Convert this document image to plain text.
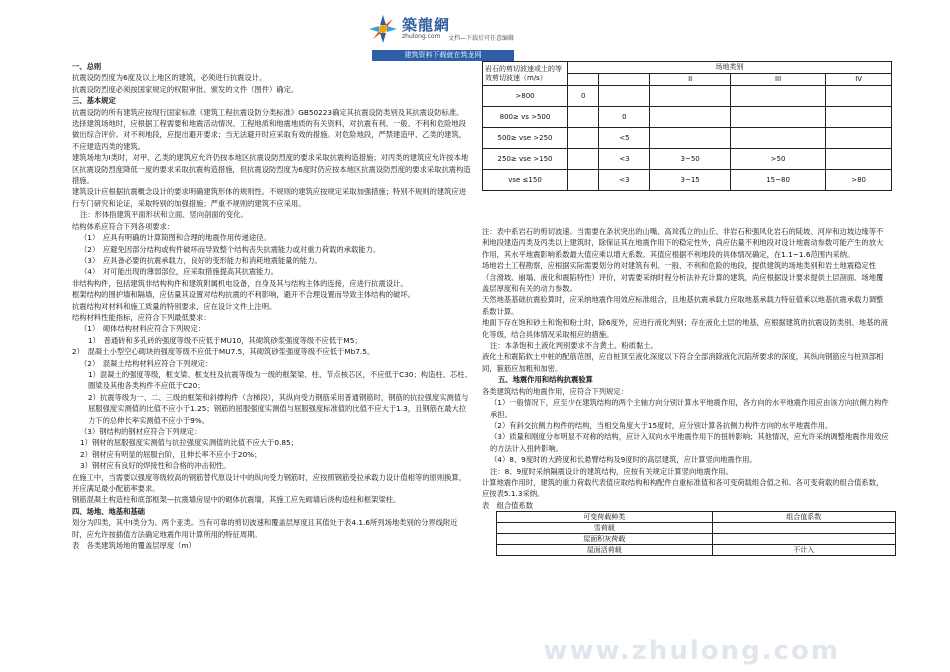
築龍網
zhulong.com 文档—下载后可任意编辑
建筑资料下载就在筑龙网

一、总则

抗震设防烈度为6度及以上地区的建筑，必须进行抗震设计。

抗震设防烈度必须按国家规定的权限审批、颁发的文件（图件）确定。

三、基本规定

抗震设防的所有建筑应按现行国家标准《建筑工程抗震设防分类标准》GB50223确定其抗震设防类别及其抗震设防标准。

选择建筑场地时，应根据工程需要和地震活动情况、工程地质和地震地质的有关资料，对抗震有利、一般、不利和危险地段做出综合评价。对不利地段，应提出避开要求；当无法避开时应采取有效的措施。对危险地段，严禁建造甲、乙类的建筑，不应建造丙类的建筑。

建筑场地为Ⅰ类时，对甲、乙类的建筑应允许仍按本地区抗震设防烈度的要求采取抗震构造措施；对丙类的建筑应允许按本地区抗震设防烈度降低一度的要求采取抗震构造措施，但抗震设防烈度为6度时仍应按本地区抗震设防烈度的要求采取抗震构造措施。

建筑设计应根据抗震概念设计的要求明确建筑形体的规则性。不规则的建筑应按规定采取加强措施；特别不规则的建筑应进行专门研究和论证，采取特别的加强措施；严重不规则的建筑不应采用。

注：形体指建筑平面形状和立面、竖向剖面的变化。

结构体系应符合下列各项要求：

（1）　应具有明确的计算简图和合理的地震作用传递途径。

（2）　应避免因部分结构或构件破坏而导致整个结构丧失抗震能力或对重力荷载的承载能力。

（3）　应具备必要的抗震承载力，良好的变形能力和消耗地震能量的能力。

（4）　对可能出现的薄弱部位，应采取措施提高其抗震能力。

非结构构件，包括建筑非结构构件和建筑附属机电设备，自身及其与结构主体的连接，应进行抗震设计。

框架结构的围护墙和隔墙，应估量其设置对结构抗震的不利影响，避开不合理设置而导致主体结构的破坏。

抗震结构对材料和施工质量的特别要求，应在设计文件上注明。

结构材料性能指标，应符合下列最低要求：

（1）　砌体结构材料应符合下列规定：

1）　普通砖和多孔砖的强度等级不应低于MU10，其砌筑砂浆强度等级不应低于M5；

2）　混凝土小型空心砌块的强度等级不应低于MU7.5，其砌筑砂浆强度等级不应低于Mb7.5。

（2）　混凝土结构材料应符合下列规定：

1）混凝土的强度等级，框支梁、框支柱及抗震等级为一级的框架梁、柱、节点核芯区，不应低于C30；构造柱、芯柱、圈梁及其他各类构件不应低于C20；

2）抗震等级为一、二、三级的框架和斜撑构件（含梯段），其纵向受力钢筋采用普通钢筋时，钢筋的抗拉强度实测值与屈服强度实测值的比值不应小于1.25；钢筋的屈服强度实测值与屈服强度标准值的比值不应大于1.3，且钢筋在最大拉力下的总伸长率实测值不应小于9%。

（3）钢结构的钢材应符合下列规定：

1）钢材的屈服强度实测值与抗拉强度实测值的比值不应大于0.85；

2）钢材应有明显的屈服台阶，且伸长率不应小于20%；

3）钢材应有良好的焊接性和合格的冲击韧性。

在施工中，当需要以强度等级较高的钢筋替代原设计中的纵向受力钢筋时，应按照钢筋受拉承载力设计值相等的原则换算，并应满足最小配筋率要求。

钢筋混凝土构造柱和底部框架—抗震墙房屋中的砌体抗震墙，其施工应先砌墙后浇构造柱和框架梁柱。

四、场地、地基和基础

划分为四类，其中Ⅰ类分为、两个亚类。当有可靠的剪切波速和覆盖层厚度且其值处于表4.1.6所列场地类别的分界线附近时，应允许按插值方法确定地震作用计算所用的特征周期。

表　各类建筑场地的覆盖层厚度（m）

岩石的剪切波速或土的等效剪切波速（m/s）	场地类别				
			II	III	IV
>800	0				
800≥ vs >500		0			
500≥ vse >250		<5			
250≥ vse >150		<3	3~50	>50	
vse ≤150		<3	3~15	15~80	>80

注：表中系岩石的剪切波速。当需要在条状突出的山嘴、高耸孤立的山丘、非岩石和强风化岩石的陡坡、河岸和边坡边缘等不利地段建造丙类及丙类以上建筑时，除保证其在地震作用下的稳定性外，尚应估量不利地段对设计地震动参数可能产生的放大作用，其水平地震影响系数最大值应乘以增大系数。其值应根据不利地段的具体情况确定，在1.1~1.6范围内采纳。

场地岩土工程勘察，应根据实际需要划分的对建筑有利、一般、不利和危险的地段，提供建筑的场地类别和岩土地震稳定性（含滑坡、崩塌、液化和震陷特性）评价，对需要采纳时程分析法补充计算的建筑，尚应根据设计要求提供土层剖面、场地覆盖层厚度和有关的动力参数。

天然地基基础抗震验算时，应采纳地震作用效应标准组合，且地基抗震承载力应取地基承载力特征值乘以地基抗震承载力调整系数计算。

地面下存在饱和砂土和饱和粉土时，除6度外，应进行液化判别；存在液化土层的地基，应根据建筑的抗震设防类别、地基的液化等级，结合具体情况采取相应的措施。

注：本条饱和土液化判别要求不含黄土、粉质黏土。

液化土和震陷软土中桩的配筋范围，应自桩顶至液化深度以下符合全部消除液化沉陷所要求的深度，其纵向钢筋应与桩顶部相同，箍筋应加粗和加密。

五、地震作用和结构抗震验算

各类建筑结构的地震作用，应符合下列规定：

（1）一般情况下，应至少在建筑结构的两个主轴方向分别计算水平地震作用，各方向的水平地震作用应由该方向抗侧力构件承担。

（2）有斜交抗侧力构件的结构，当相交角度大于15度时，应分别计算各抗侧力构件方向的水平地震作用。

（3）质量和刚度分布明显不对称的结构，应计入双向水平地震作用下的扭转影响；其他情况，应允许采纳调整地震作用效应的方法计入扭转影响。

（4）8、9度时的大跨度和长悬臂结构及9度时的高层建筑，应计算竖向地震作用。

注：8、9度时采纳隔震设计的建筑结构，应按有关规定计算竖向地震作用。

计算地震作用时，建筑的重力荷载代表值应取结构和构配件自重标准值和各可变荷载组合值之和。各可变荷载的组合值系数，应按表5.1.3采纳。

表　组合值系数

可变荷载种类	组合值系数
雪荷载	
屋面积灰荷载	
屋面活荷载	不计入
www.zhulong.com
